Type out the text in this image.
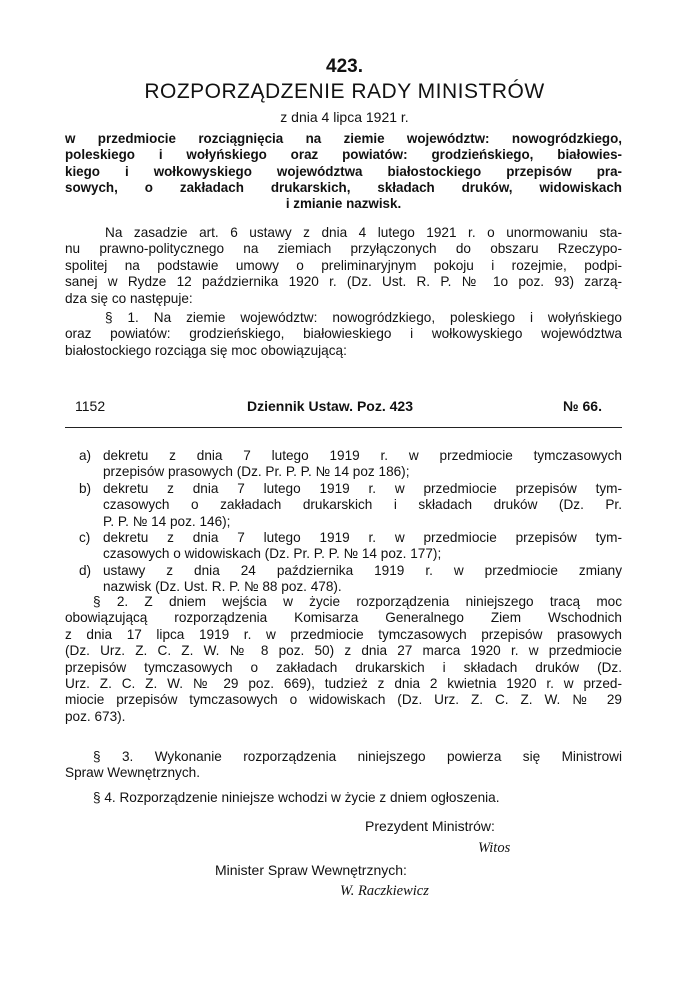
423.
ROZPORZĄDZENIE RADY MINISTRÓW
z dnia 4 lipca 1921 r.
w przedmiocie rozciągnięcia na ziemie województw: nowogródzkiego,
poleskiego i wołyńskiego oraz powiatów: grodzieńskiego, białowies-
kiego i wołkowyskiego województwa białostockiego przepisów pra-
sowych, o zakładach drukarskich, składach druków, widowiskach
i zmianie nazwisk.
Na zasadzie art. 6 ustawy z dnia 4 lutego 1921 r. o unormowaniu sta-
nu prawno-politycznego na ziemiach przyłączonych do obszaru Rzeczypo-
spolitej na podstawie umowy o preliminaryjnym pokoju i rozejmie, podpi-
sanej w Rydze 12 października 1920 r. (Dz. Ust. R. P. № 1o poz. 93) zarzą-
dza się co następuje:
§ 1. Na ziemie województw: nowogródzkiego, poleskiego i wołyńskiego
oraz powiatów: grodzieńskiego, białowieskiego i wołkowyskiego województwa
białostockiego rozciąga się moc obowiązującą:
1152	Dziennik Ustaw. Poz. 423	№ 66.
a) dekretu z dnia 7 lutego 1919 r. w przedmiocie tymczasowych
przepisów prasowych (Dz. Pr. P. P. № 14 poz 186);
b) dekretu z dnia 7 lutego 1919 r. w przedmiocie przepisów tym-
czasowych o zakładach drukarskich i składach druków (Dz. Pr.
P. P. № 14 poz. 146);
c) dekretu z dnia 7 lutego 1919 r. w przedmiocie przepisów tym-
czasowych o widowiskach (Dz. Pr. P. P. № 14 poz. 177);
d) ustawy z dnia 24 października 1919 r. w przedmiocie zmiany
nazwisk (Dz. Ust. R. P. № 88 poz. 478).
§ 2. Z dniem wejścia w życie rozporządzenia niniejszego tracą moc
obowiązującą rozporządzenia Komisarza Generalnego Ziem Wschodnich
z dnia 17 lipca 1919 r. w przedmiocie tymczasowych przepisów prasowych
(Dz. Urz. Z. C. Z. W. № 8 poz. 50) z dnia 27 marca 1920 r. w przedmiocie
przepisów tymczasowych o zakładach drukarskich i składach druków (Dz.
Urz. Z. C. Z. W. № 29 poz. 669), tudzież z dnia 2 kwietnia 1920 r. w przed-
miocie przepisów tymczasowych o widowiskach (Dz. Urz. Z. C. Z. W. № 29
poz. 673).
§ 3. Wykonanie rozporządzenia niniejszego powierza się Ministrowi
Spraw Wewnętrznych.
§ 4. Rozporządzenie niniejsze wchodzi w życie z dniem ogłoszenia.
Prezydent Ministrów:
Witos
Minister Spraw Wewnętrznych:
W. Raczkiewicz
